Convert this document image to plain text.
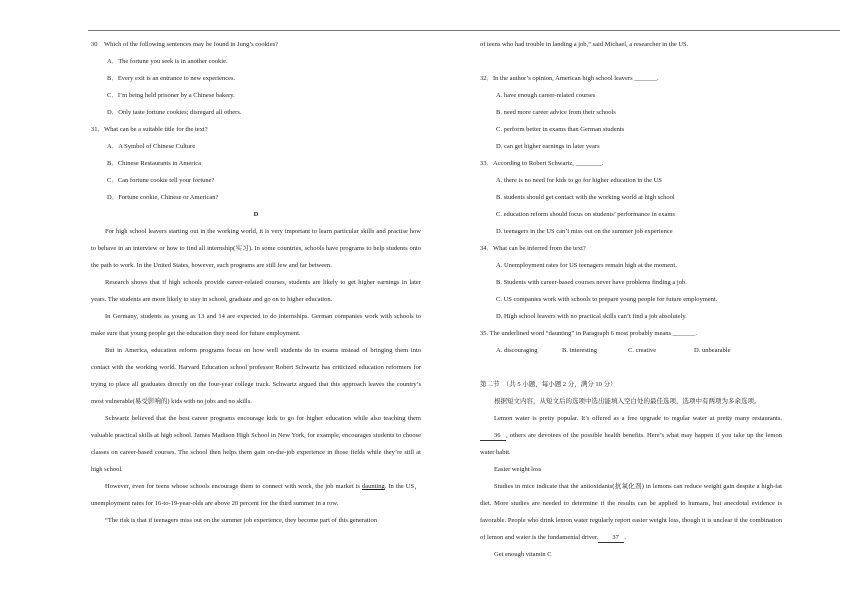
30　Which of the following sentences may be found in Jung’s cookies?

A．The fortune you seek is in another cookie.

B．Every exit is an entrance to new experiences.

C．I’m being held prisoner by a Chinese bakery.

D．Only taste fortune cookies; disregard all others.

31．What can be a suitable title for the text?

A．A Symbol of Chinese Culture

B．Chinese Restaurants in America

C．Can fortune cookie tell your fortune?

D．Fortune cookie, Chinese or American?

D

For high school leavers starting out in the working world, it is very important to learn particular skills and practise how to behave in an interview or how to find all internship(实习). In some countries, schools have programs to help students onto the path to work. In the United States, however, such programs are still few and far between.

Research shows that if high schools provide career-related courses, students are likely to get higher earnings in later years. The students are more likely to stay in school, graduate and go on to higher education.

In Germany, students as young as 13 and 14 are expected to do internships. German companies work with schools to make sure that young people get the education they need for future employment.

But in America, education reform programs focus on how well students do in exams instead of bringing them into contact with the working world. Harvard Education school professor Robert Schwartz has criticized education reformers for trying to place all graduates directly on the four-year college track. Schwartz argued that this approach leaves the country’s most vulnerable(易受影响的) kids with no jobs and no skills.

Schwartz believed that the best career programs encourage kids to go for higher education while also teaching them valuable practical skills at high school. James Madison High School in New York, for example, encourages students to choose classes on career-based courses. The school then helps them gain on-the-job experience in those fields while they’re still at high school.

However, even for teens whose schools encourage them to connect with work, the job market is daunting. In the US，unemployment rates for 16-to-19-year-olds are above 20 percent for the third summer in a row.

“The risk is that if teenagers miss out on the summer job experience, they become part of this generation

of teens who had trouble in landing a job,” said Michael, a researcher in the US.

32．In the author’s opinion, American high school leavers _______.

A. have enough career-related courses

B. need more career advice from their schools

C. perform better in exams than German students

D. can get higher earnings in later years

33．According to Robert Schwartz, ________.

A. there is no need for kids to go for higher education in the US

B. students should get contact with the working world at high school

C. education reform should focus on students’ performance in exams

D. teenagers in the US can’t miss out on the summer job experience

34．What can be inferred from the text?

A. Unemployment rates for US teenagers remain high at the moment.

B. Students with career-based courses never have problems finding a job.

C. US companies work with schools to prepare young people for future employment.

D. High school leavers with no practical skills can’t find a job absolutely.

35. The underlined word “daunting” in Paragraph 6 most probably means _______.

A. discouraging	B. interesting	C. creative	D. unbearable

第二节　（共 5 小题，每小题 2 分，满分 10 分）

根据短文内容，从短文后的选项中选出能填入空白处的最佳选项，选项中有两项为多余选项。

Lemon water is pretty popular. It’s offered as a free upgrade to regular water at pretty many restaurants. 36 , others are devotees of the possible health benefits. Here’s what may happen if you take up the lemon water habit.

Easier weight loss

Studies in mice indicate that the antioxidants(抗氧化剂) in lemons can reduce weight gain despite a high-fat diet. More studies are needed to determine if the results can be applied to humans, but anecdotal evidence is favorable. People who drink lemon water regularly report easier weight loss, though it is unclear if the combination of lemon and water is the fundamental driver. 37 .

Get enough vitamin C
